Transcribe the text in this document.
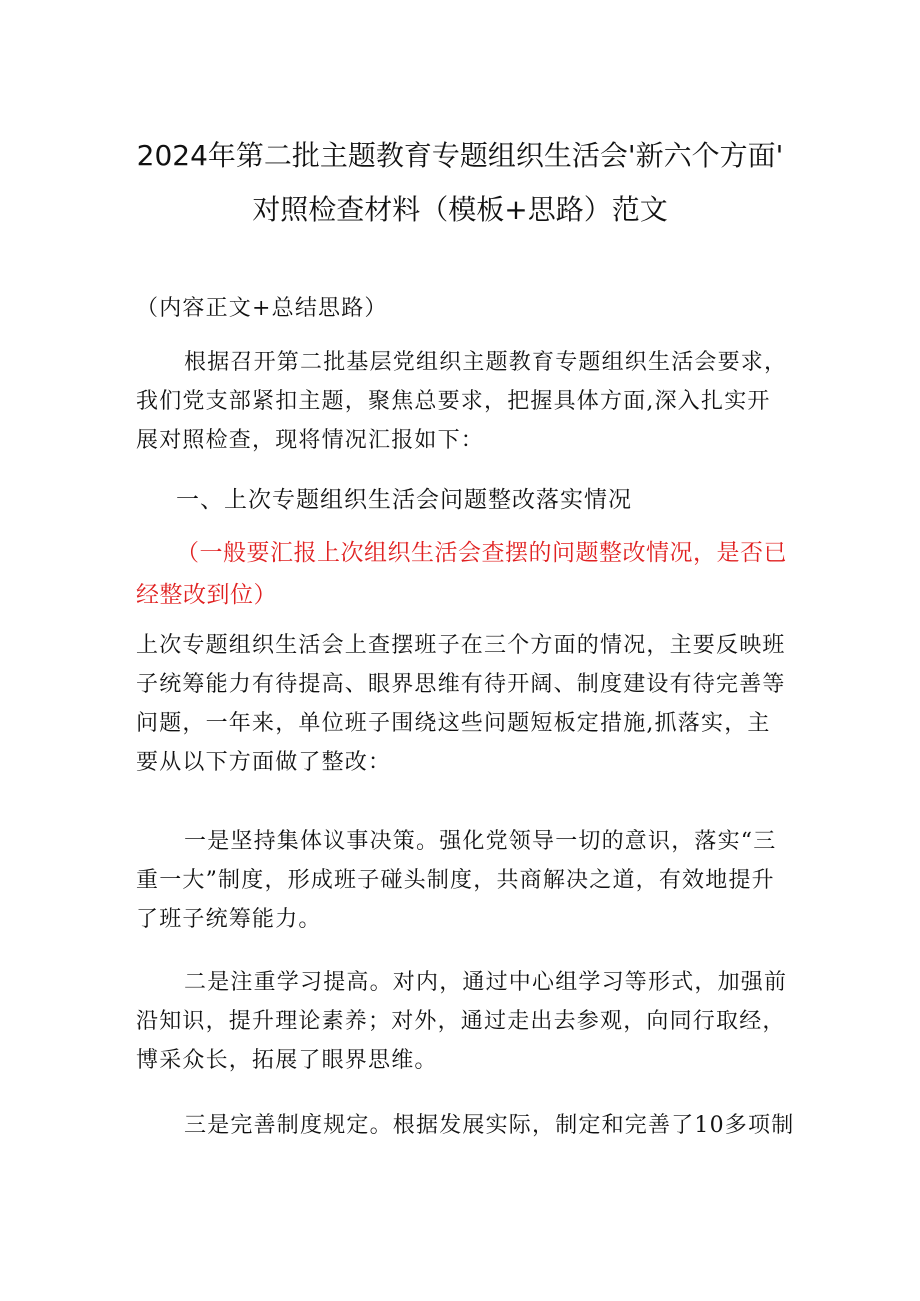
2024年第二批主题教育专题组织生活会'新六个方面'
对照检查材料（模板+思路）范文

（内容正文+总结思路）

根据召开第二批基层党组织主题教育专题组织生活会要求，我们党支部紧扣主题，聚焦总要求，把握具体方面,深入扎实开展对照检查，现将情况汇报如下：

一、上次专题组织生活会问题整改落实情况

（一般要汇报上次组织生活会查摆的问题整改情况，是否已经整改到位）

上次专题组织生活会上查摆班子在三个方面的情况，主要反映班子统筹能力有待提高、眼界思维有待开阔、制度建设有待完善等问题，一年来，单位班子围绕这些问题短板定措施,抓落实，主要从以下方面做了整改：

一是坚持集体议事决策。强化党领导一切的意识，落实“三重一大”制度，形成班子碰头制度，共商解决之道，有效地提升了班子统筹能力。

二是注重学习提高。对内，通过中心组学习等形式，加强前沿知识，提升理论素养；对外，通过走出去参观，向同行取经，博采众长，拓展了眼界思维。

三是完善制度规定。根据发展实际，制定和完善了10多项制
